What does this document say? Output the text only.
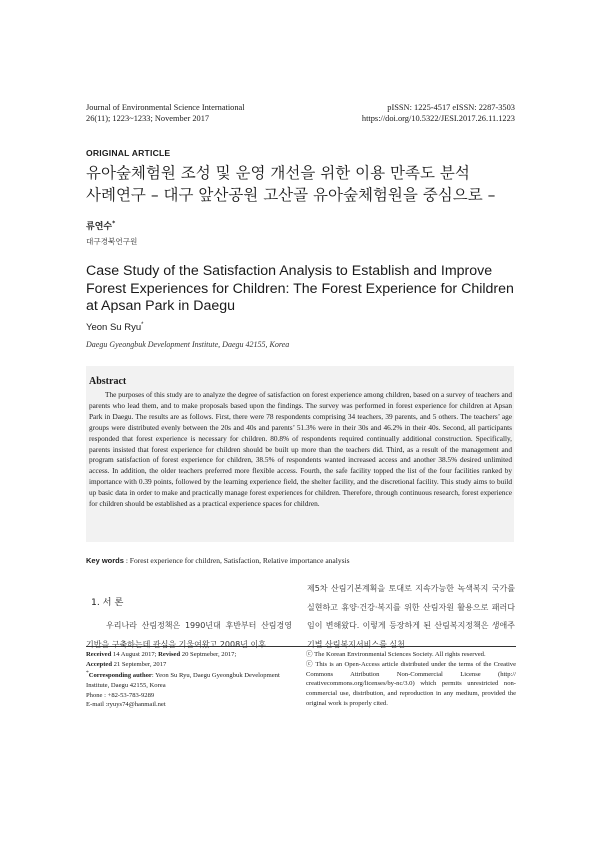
Journal of Environmental Science International
26(11); 1223~1233; November 2017
pISSN: 1225-4517 eISSN: 2287-3503
https://doi.org/10.5322/JESI.2017.26.11.1223
ORIGINAL ARTICLE
유아숲체험원 조성 및 운영 개선을 위한 이용 만족도 분석
사례연구 – 대구 앞산공원 고산골 유아숲체험원을 중심으로 –
류연수*
대구경북연구원
Case Study of the Satisfaction Analysis to Establish and Improve Forest Experiences for Children: The Forest Experience for Children at Apsan Park in Daegu
Yeon Su Ryu*
Daegu Gyeongbuk Development Institute, Daegu 42155, Korea
Abstract
The purposes of this study are to analyze the degree of satisfaction on forest experience among children, based on a survey of teachers and parents who lead them, and to make proposals based upon the findings. The survey was performed in forest experience for children at Apsan Park in Daegu. The results are as follows. First, there were 78 respondents comprising 34 teachers, 39 parents, and 5 others. The teachers’ age groups were distributed evenly between the 20s and 40s and parents’ 51.3% were in their 30s and 46.2% in their 40s. Second, all participants responded that forest experience is necessary for children. 80.8% of respondents required continually additional construction. Specifically, parents insisted that forest experience for children should be built up more than the teachers did. Third, as a result of the management and program satisfaction of forest experience for children, 38.5% of respondents wanted increased access and another 38.5% desired unlimited access. In addition, the older teachers preferred more flexible access. Fourth, the safe facility topped the list of the four facilities ranked by importance with 0.39 points, followed by the learning experience field, the shelter facility, and the discretional facility. This study aims to build up basic data in order to make and practically manage forest experiences for children. Therefore, through continuous research, forest experience for children should be established as a practical experience spaces for children.
Key words : Forest experience for children, Satisfaction, Relative importance analysis
1. 서 론
우리나라 산림정책은 1990년대 후반부터 산림경영 기반을 구축하는데 관심을 기울여왔고 2008년 이후
제5차 산림기본계획을 토대로 지속가능한 녹색복지 국가를 실현하고 휴양·건강·복지를 위한 산림자원 활용으로 패러다임이 변해왔다. 이렇게 등장하게 된 산림복지정책은 생애주기별 산림복지서비스를 실천
Received 14 August 2017; Revised 20 Septmeber, 2017;
Accepted 21 September, 2017
*Corresponding author: Yeon Su Ryu, Daegu Gyeongbuk Development Institute, Daegu 42155, Korea
Phone : +82-53-783-9289
E-mail :ryuys74@hanmail.net
ⓒ The Korean Environmental Sciences Society. All rights reserved.
ⓒ This is an Open-Access article distributed under the terms of the Creative Commons Attribution Non-Commercial License (http:// creativecommons.org/licenses/by-nc/3.0) which permits unrestricted non-commercial use, distribution, and reproduction in any medium, provided the original work is properly cited.
